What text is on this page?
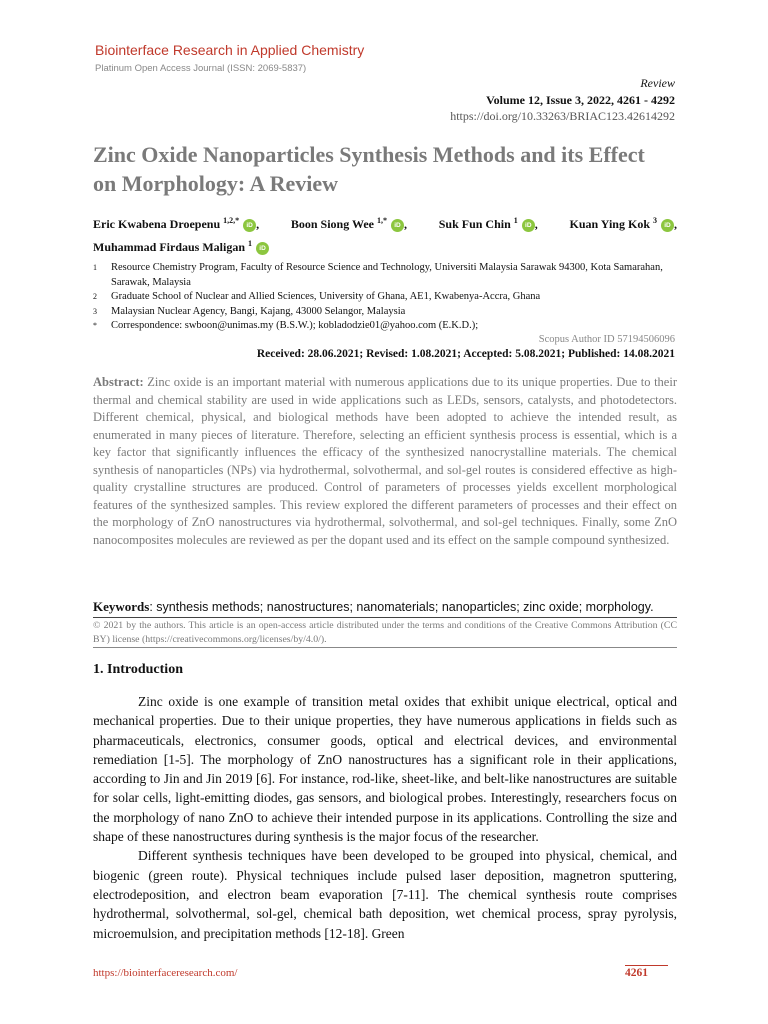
Biointerface Research in Applied Chemistry
Platinum Open Access Journal (ISSN: 2069-5837)
Review
Volume 12, Issue 3, 2022, 4261 - 4292
https://doi.org/10.33263/BRIAC123.42614292
Zinc Oxide Nanoparticles Synthesis Methods and its Effect on Morphology: A Review
Eric Kwabena Droepenu $^{1,2,*}$ iD ,	Boon Siong Wee $^{1,*}$ iD ,	Suk Fun Chin $^1$ iD ,	Kuan Ying Kok $^3$ iD ,
Muhammad Firdaus Maligan $^1$ iD
1	Resource Chemistry Program, Faculty of Resource Science and Technology, Universiti Malaysia Sarawak 94300, Kota Samarahan, Sarawak, Malaysia
2	Graduate School of Nuclear and Allied Sciences, University of Ghana, AE1, Kwabenya-Accra, Ghana
3	Malaysian Nuclear Agency, Bangi, Kajang, 43000 Selangor, Malaysia
*	Correspondence: swboon@unimas.my (B.S.W.); kobladodzie01@yahoo.com (E.K.D.);
Scopus Author ID 57194506096
Received: 28.06.2021; Revised: 1.08.2021; Accepted: 5.08.2021; Published: 14.08.2021
Abstract: Zinc oxide is an important material with numerous applications due to its unique properties. Due to their thermal and chemical stability are used in wide applications such as LEDs, sensors, catalysts, and photodetectors. Different chemical, physical, and biological methods have been adopted to achieve the intended result, as enumerated in many pieces of literature. Therefore, selecting an efficient synthesis process is essential, which is a key factor that significantly influences the efficacy of the synthesized nanocrystalline materials. The chemical synthesis of nanoparticles (NPs) via hydrothermal, solvothermal, and sol-gel routes is considered effective as high-quality crystalline structures are produced. Control of parameters of processes yields excellent morphological features of the synthesized samples. This review explored the different parameters of processes and their effect on the morphology of ZnO nanostructures via hydrothermal, solvothermal, and sol-gel techniques. Finally, some ZnO nanocomposites molecules are reviewed as per the dopant used and its effect on the sample compound synthesized.
Keywords: synthesis methods; nanostructures; nanomaterials; nanoparticles; zinc oxide; morphology.
© 2021 by the authors. This article is an open-access article distributed under the terms and conditions of the Creative Commons Attribution (CC BY) license (https://creativecommons.org/licenses/by/4.0/).
1. Introduction

Zinc oxide is one example of transition metal oxides that exhibit unique electrical, optical and mechanical properties. Due to their unique properties, they have numerous applications in fields such as pharmaceuticals, electronics, consumer goods, optical and electrical devices, and environmental remediation [1-5]. The morphology of ZnO nanostructures has a significant role in their applications, according to Jin and Jin 2019 [6]. For instance, rod-like, sheet-like, and belt-like nanostructures are suitable for solar cells, light-emitting diodes, gas sensors, and biological probes. Interestingly, researchers focus on the morphology of nano ZnO to achieve their intended purpose in its applications. Controlling the size and shape of these nanostructures during synthesis is the major focus of the researcher.

Different synthesis techniques have been developed to be grouped into physical, chemical, and biogenic (green route). Physical techniques include pulsed laser deposition, magnetron sputtering, electrodeposition, and electron beam evaporation [7-11]. The chemical synthesis route comprises hydrothermal, solvothermal, sol-gel, chemical bath deposition, wet chemical process, spray pyrolysis, microemulsion, and precipitation methods [12-18]. Green

https://biointerfaceresearch.com/	4261
